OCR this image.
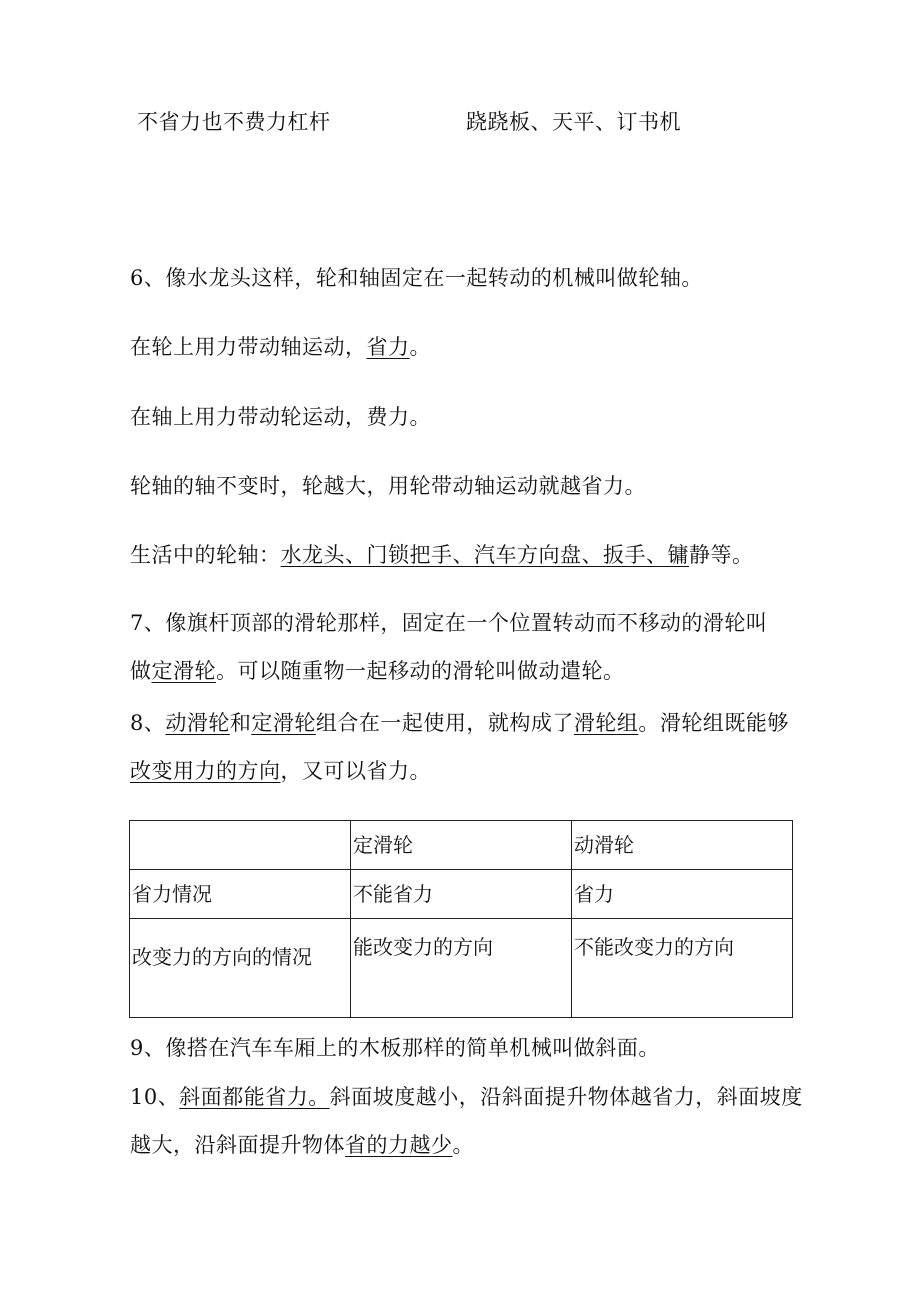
不省力也不费力杠杆	跷跷板、天平、订书机
6、像水龙头这样，轮和轴固定在一起转动的机械叫做轮轴。
在轮上用力带动轴运动，省力。
在轴上用力带动轮运动，费力。
轮轴的轴不变时，轮越大，用轮带动轴运动就越省力。
生活中的轮轴：水龙头、门锁把手、汽车方向盘、扳手、镛静等。
7、像旗杆顶部的滑轮那样，固定在一个位置转动而不移动的滑轮叫
做定滑轮。可以随重物一起移动的滑轮叫做动遣轮。
8、动滑轮和定滑轮组合在一起使用，就构成了滑轮组。滑轮组既能够
改变用力的方向，又可以省力。
	定滑轮	动滑轮
省力情况	不能省力	省力
改变力的方向的情况	能改变力的方向	不能改变力的方向
9、像搭在汽车车厢上的木板那样的简单机械叫做斜面。
10、斜面都能省力。斜面坡度越小，沿斜面提升物体越省力，斜面坡度
越大，沿斜面提升物体省的力越少。
